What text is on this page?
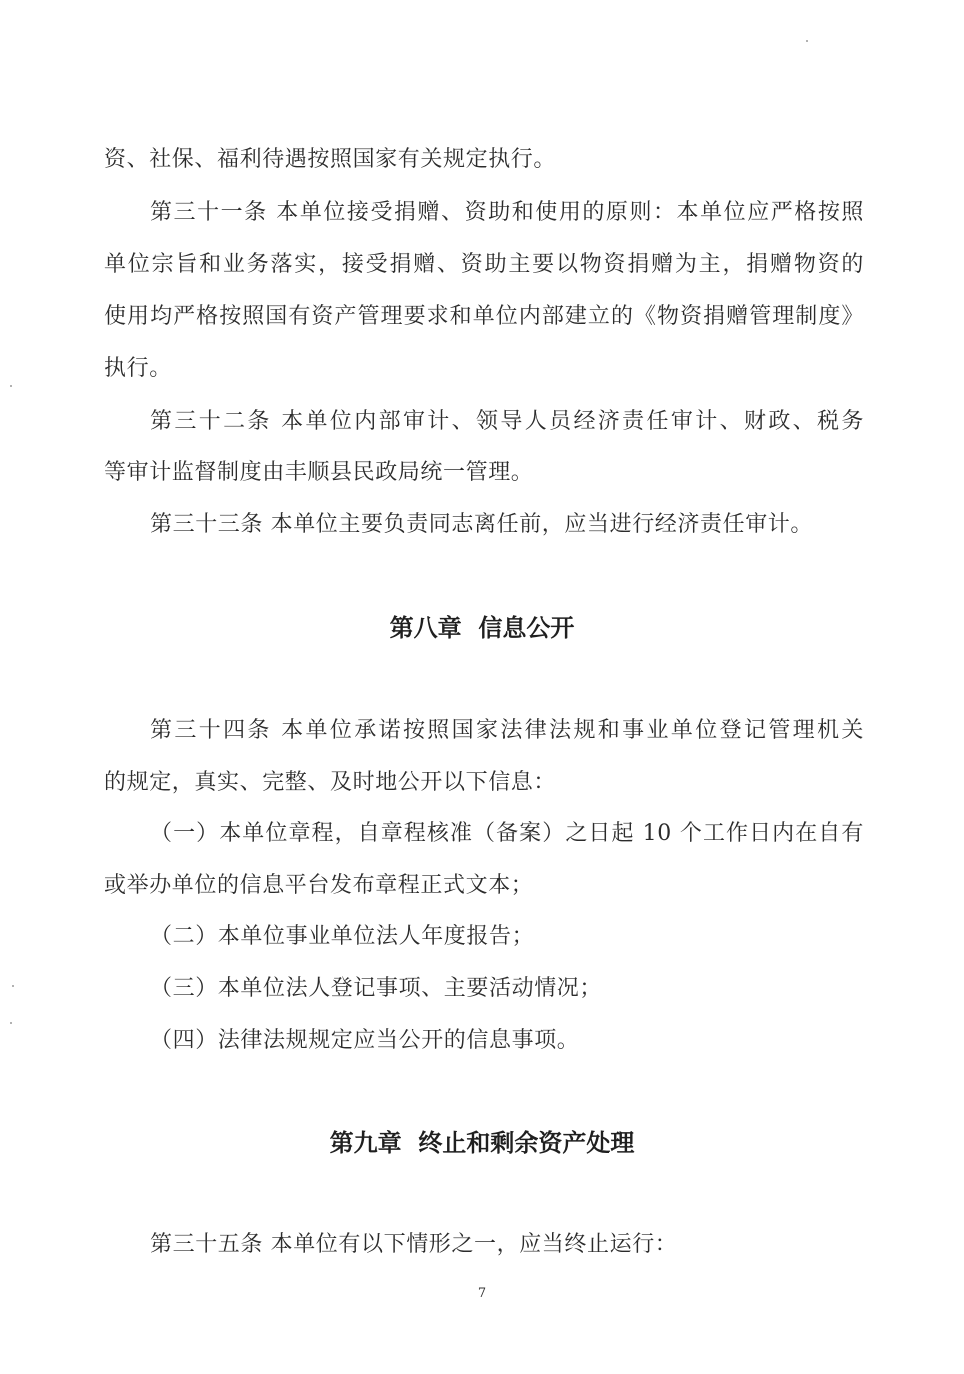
资、社保、福利待遇按照国家有关规定执行。
第三十一条 本单位接受捐赠、资助和使用的原则：本单位应严格按照
单位宗旨和业务落实，接受捐赠、资助主要以物资捐赠为主，捐赠物资的
使用均严格按照国有资产管理要求和单位内部建立的《物资捐赠管理制度》
执行。
第三十二条 本单位内部审计、领导人员经济责任审计、财政、税务
等审计监督制度由丰顺县民政局统一管理。
第三十三条 本单位主要负责同志离任前，应当进行经济责任审计。
第八章  信息公开
第三十四条 本单位承诺按照国家法律法规和事业单位登记管理机关
的规定，真实、完整、及时地公开以下信息：
（一）本单位章程，自章程核准（备案）之日起 10 个工作日内在自有
或举办单位的信息平台发布章程正式文本；
（二）本单位事业单位法人年度报告；
（三）本单位法人登记事项、主要活动情况；
（四）法律法规规定应当公开的信息事项。
第九章  终止和剩余资产处理
第三十五条 本单位有以下情形之一，应当终止运行：
7
